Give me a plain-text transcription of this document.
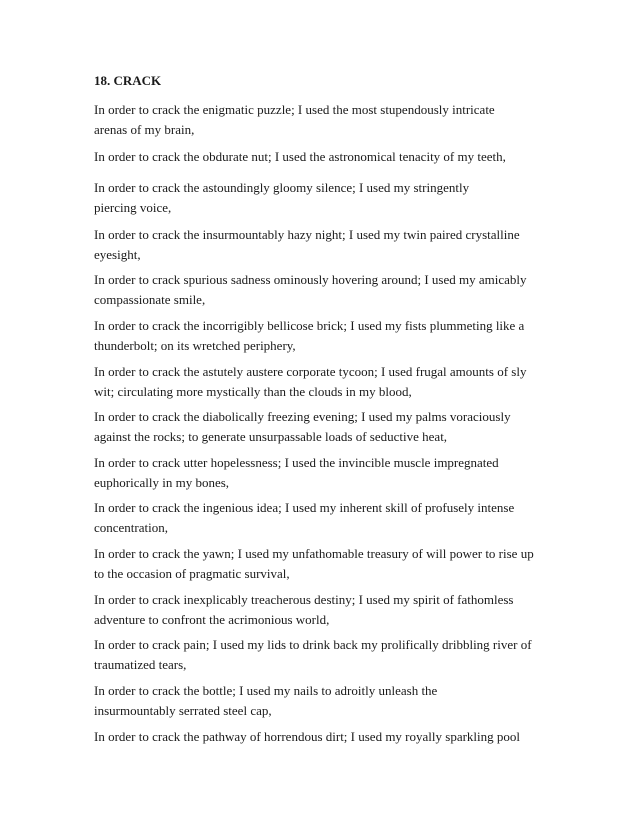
18. CRACK

In order to crack the enigmatic puzzle; I used the most stupendously intricate
arenas of my brain,

In order to crack the obdurate nut; I used the astronomical tenacity of my teeth,

In order to crack the astoundingly gloomy silence; I used my stringently
piercing voice,

In order to crack the insurmountably hazy night; I used my twin paired crystalline
eyesight,

In order to crack spurious sadness ominously hovering around; I used my amicably
compassionate smile,

In order to crack the incorrigibly bellicose brick; I used my fists plummeting like a
thunderbolt; on its wretched periphery,

In order to crack the astutely austere corporate tycoon; I used frugal amounts of sly
wit; circulating more mystically than the clouds in my blood,

In order to crack the diabolically freezing evening; I used my palms voraciously
against the rocks; to generate unsurpassable loads of seductive heat,

In order to crack utter hopelessness; I used the invincible muscle impregnated
euphorically in my bones,

In order to crack the ingenious idea; I used my inherent skill of profusely intense
concentration,

In order to crack the yawn; I used my unfathomable treasury of will power to rise up
to the occasion of pragmatic survival,

In order to crack inexplicably treacherous destiny; I used my spirit of fathomless
adventure to confront the acrimonious world,

In order to crack pain; I used my lids to drink back my prolifically dribbling river of
traumatized tears,

In order to crack the bottle; I used my nails to adroitly unleash the
insurmountably serrated steel cap,

In order to crack the pathway of horrendous dirt; I used my royally sparkling pool
